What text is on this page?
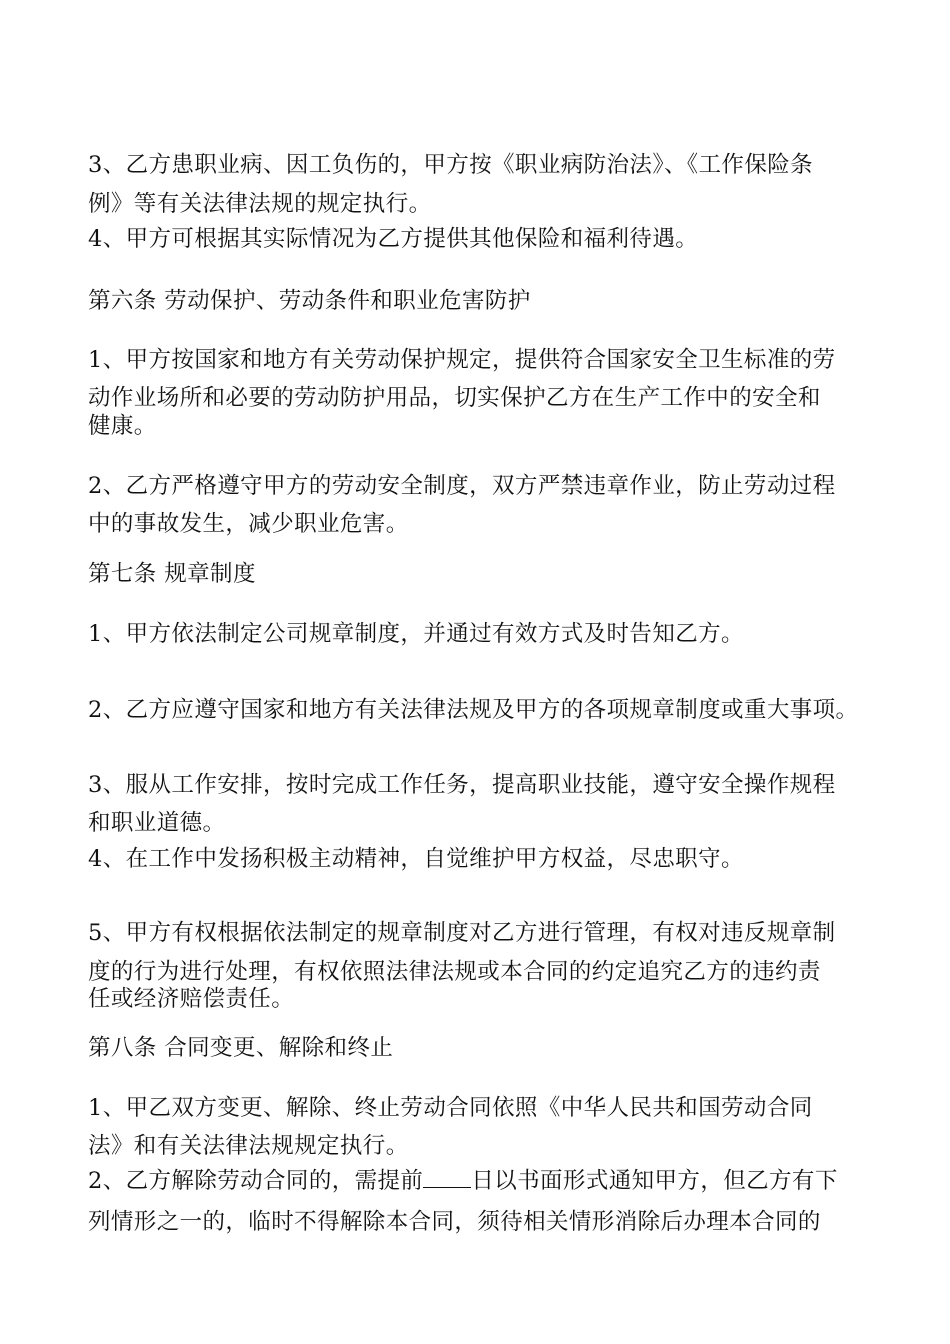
3、乙方患职业病、因工负伤的，甲方按《职业病防治法》、《工作保险条
例》等有关法律法规的规定执行。
4、甲方可根据其实际情况为乙方提供其他保险和福利待遇。
第六条 劳动保护、劳动条件和职业危害防护
1、甲方按国家和地方有关劳动保护规定，提供符合国家安全卫生标准的劳
动作业场所和必要的劳动防护用品，切实保护乙方在生产工作中的安全和
健康。
2、乙方严格遵守甲方的劳动安全制度，双方严禁违章作业，防止劳动过程
中的事故发生，减少职业危害。
第七条 规章制度
1、甲方依法制定公司规章制度，并通过有效方式及时告知乙方。
2、乙方应遵守国家和地方有关法律法规及甲方的各项规章制度或重大事项。
3、服从工作安排，按时完成工作任务，提高职业技能，遵守安全操作规程
和职业道德。
4、在工作中发扬积极主动精神，自觉维护甲方权益，尽忠职守。
5、甲方有权根据依法制定的规章制度对乙方进行管理，有权对违反规章制
度的行为进行处理，有权依照法律法规或本合同的约定追究乙方的违约责
任或经济赔偿责任。
第八条 合同变更、解除和终止
1、甲乙双方变更、解除、终止劳动合同依照《中华人民共和国劳动合同
法》和有关法律法规规定执行。
2、乙方解除劳动合同的，需提前 日以书面形式通知甲方，但乙方有下
列情形之一的，临时不得解除本合同，须待相关情形消除后办理本合同的
